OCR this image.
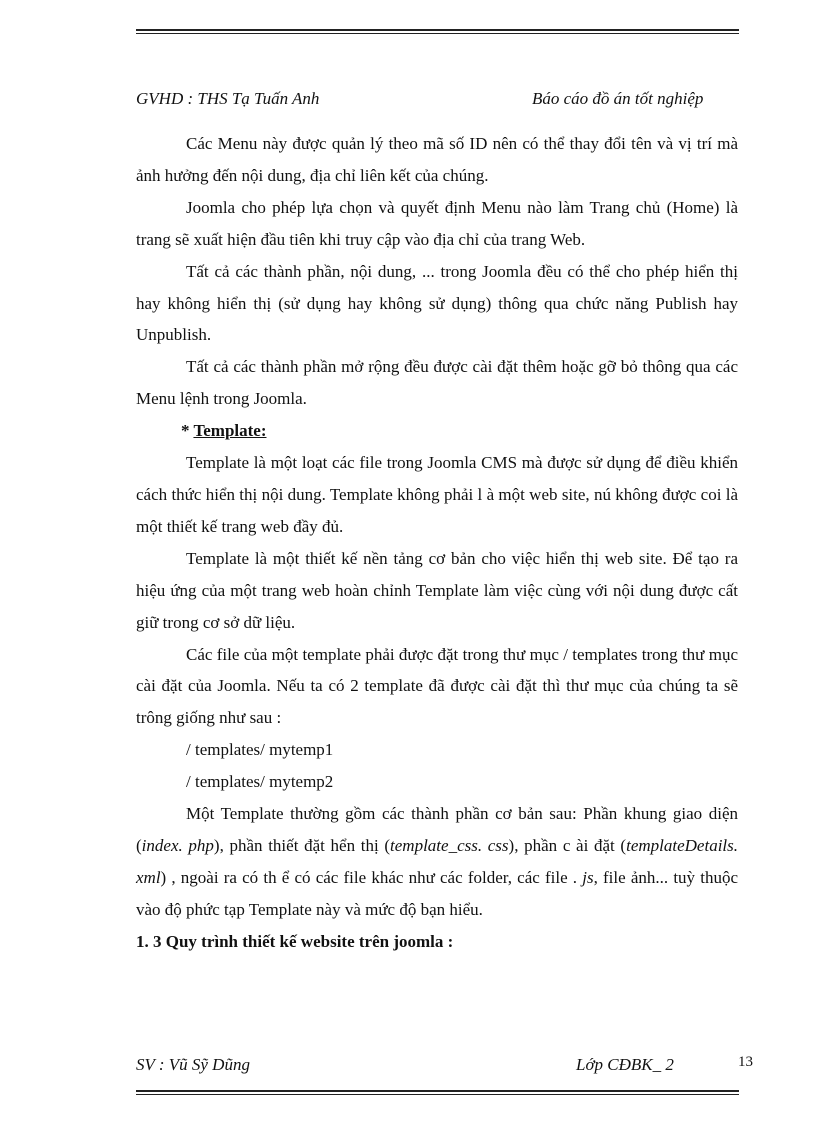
GVHD : THS Tạ Tuấn Anh	Báo cáo đồ án tốt nghiệp

Các Menu này được quản lý theo mã số ID nên có thể thay đổi tên và vị trí mà ảnh hưởng đến nội dung, địa chỉ liên kết của chúng.

Joomla cho phép lựa chọn và quyết định Menu nào làm Trang chủ (Home) là trang sẽ xuất hiện đầu tiên khi truy cập vào địa chỉ của trang Web.

Tất cả các thành phần, nội dung, ... trong Joomla đều có thể cho phép hiển thị hay không hiển thị (sử dụng hay không sử dụng) thông qua chức năng Publish hay Unpublish.

Tất cả các thành phần mở rộng đều được cài đặt thêm hoặc gỡ bỏ thông qua các Menu lệnh trong Joomla.

* Template:

Template là một loạt các file trong Joomla CMS mà được sử dụng để điều khiển cách thức hiển thị nội dung. Template không phải l à một web site, nú không được coi là một thiết kế trang web đầy đủ.

Template là một thiết kế nền tảng cơ bản cho việc hiển thị web site. Để tạo ra hiệu ứng của một trang web hoàn chỉnh Template làm việc cùng với nội dung được cất giữ trong cơ sở dữ liệu.

Các file của một template phải được đặt trong thư mục / templates trong thư mục cài đặt của Joomla. Nếu ta có 2 template đã được cài đặt thì thư mục của chúng ta sẽ trông giống như sau :

/ templates/ mytemp1

/ templates/ mytemp2

Một Template thường gồm các thành phần cơ bản sau: Phần khung giao diện (index. php), phần thiết đặt hển thị (template_css. css), phần c ài đặt (templateDetails. xml) , ngoài ra có th ể có các file khác như các folder, các file . js, file ảnh... tuỳ thuộc vào độ phức tạp Template này và mức độ bạn hiểu.

1. 3 Quy trình thiết kế website trên joomla :

SV : Vũ Sỹ Dũng	Lớp CĐBK_ 2	13
